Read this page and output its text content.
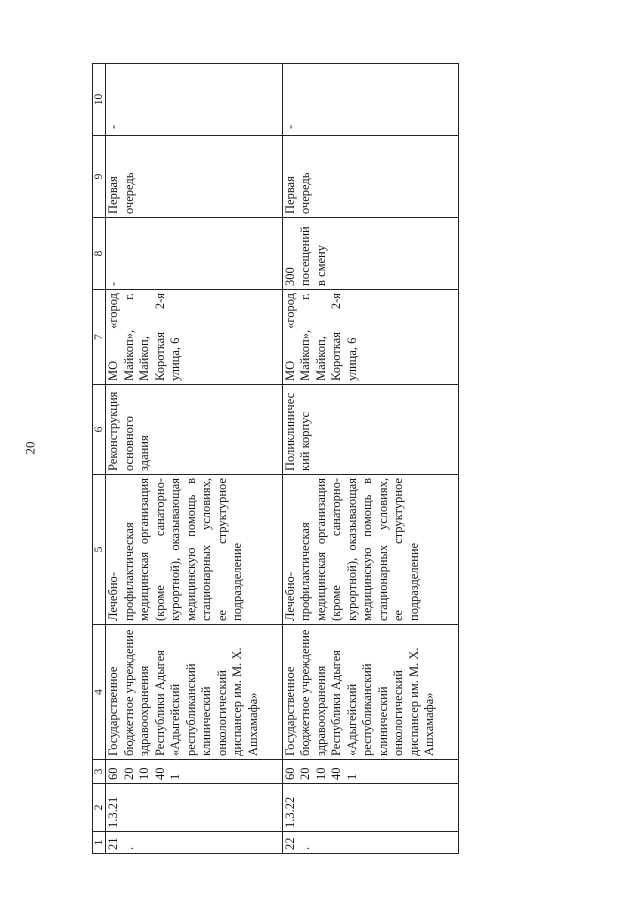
20
1	2	3	4	5	6	7	8	9	10
21.	1.3.21	602010 401	Государственное бюджетное учреждение здравоохранения Республики Адыгея «Адыгейский республиканский клинический онкологический диспансер им. М. Х. Ашхамафа»	Лечебно-профилактическая медицинская организация (кроме санаторно-курортной), оказывающая медицинскую помощь в стационарных условиях, ее структурное подразделение	Реконструкция основного здания	МО «город Майкоп», г. Майкоп, Короткая 2-я улица, 6	-	Первая очередь	-
22.	1.3.22	602010 401	Государственное бюджетное учреждение здравоохранения Республики Адыгея «Адыгейский республиканский клинический онкологический диспансер им. М. Х. Ашхамафа»	Лечебно-профилактическая медицинская организация (кроме санаторно-курортной), оказывающая медицинскую помощь в стационарных условиях, ее структурное подразделение	Поликлинический корпус	МО «город Майкоп», г. Майкоп, Короткая 2-я улица, 6	300 посещений в смену	Первая очередь	-
